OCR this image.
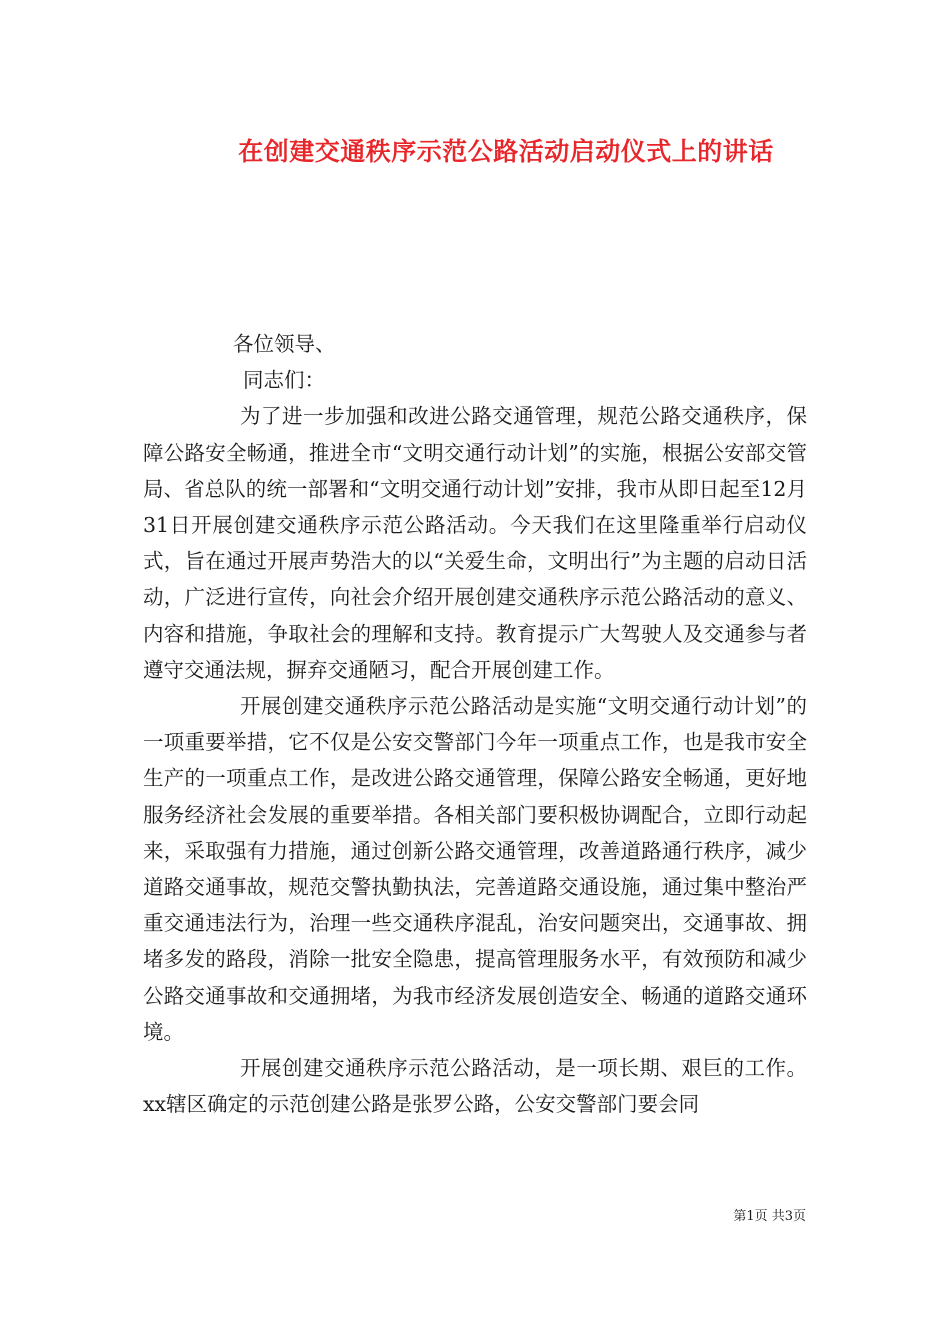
在创建交通秩序示范公路活动启动仪式上的讲话

各位领导、

同志们：

为了进一步加强和改进公路交通管理，规范公路交通秩序，保障公路安全畅通，推进全市“文明交通行动计划”的实施，根据公安部交管局、省总队的统一部署和“文明交通行动计划”安排，我市从即日起至12月31日开展创建交通秩序示范公路活动。今天我们在这里隆重举行启动仪式，旨在通过开展声势浩大的以“关爱生命，文明出行”为主题的启动日活动，广泛进行宣传，向社会介绍开展创建交通秩序示范公路活动的意义、内容和措施，争取社会的理解和支持。教育提示广大驾驶人及交通参与者遵守交通法规，摒弃交通陋习，配合开展创建工作。

开展创建交通秩序示范公路活动是实施“文明交通行动计划”的一项重要举措，它不仅是公安交警部门今年一项重点工作，也是我市安全生产的一项重点工作，是改进公路交通管理，保障公路安全畅通，更好地服务经济社会发展的重要举措。各相关部门要积极协调配合，立即行动起来，采取强有力措施，通过创新公路交通管理，改善道路通行秩序，减少道路交通事故，规范交警执勤执法，完善道路交通设施，通过集中整治严重交通违法行为，治理一些交通秩序混乱，治安问题突出，交通事故、拥堵多发的路段，消除一批安全隐患，提高管理服务水平，有效预防和减少公路交通事故和交通拥堵，为我市经济发展创造安全、畅通的道路交通环境。

开展创建交通秩序示范公路活动，是一项长期、艰巨的工作。xx辖区确定的示范创建公路是张罗公路，公安交警部门要会同

第1页 共3页
